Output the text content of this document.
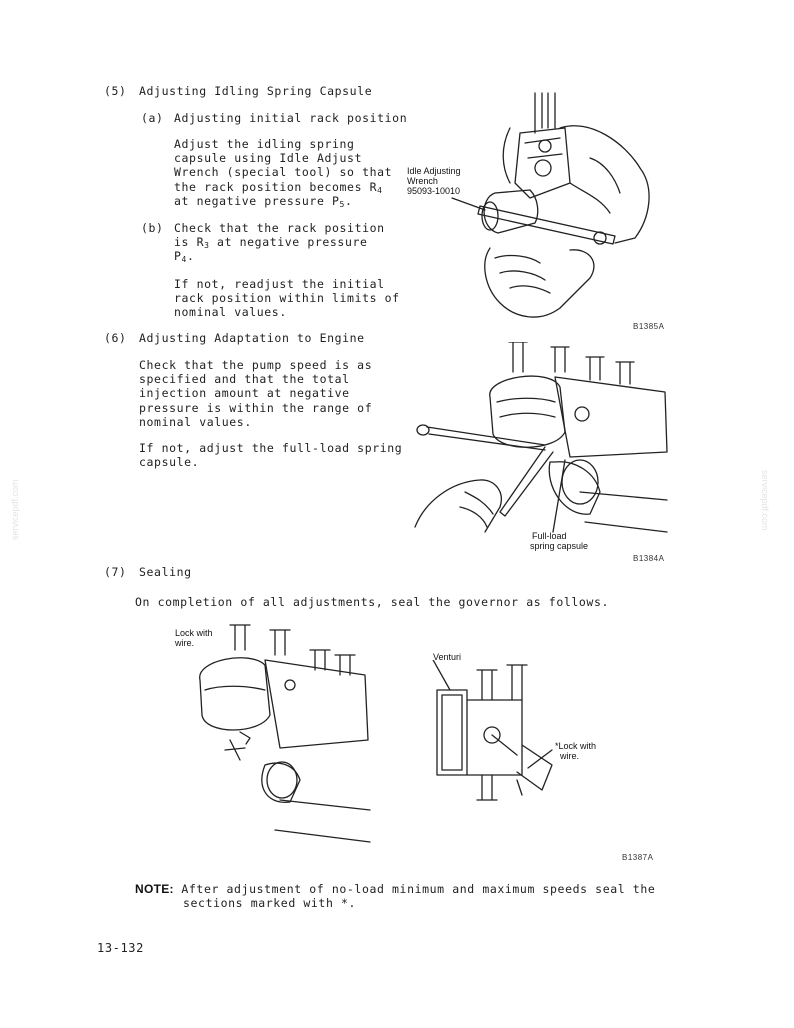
servicepdf.com	servicepdf.com
(5) Adjusting Idling Spring Capsule
(a) Adjusting initial rack position
Adjust the idling spring
capsule using Idle Adjust
Wrench (special tool) so that
the rack position becomes $R_4$
at negative pressure $P_5$.
(b) Check that the rack position
is $R_3$ at negative pressure
$P_4$.
If not, readjust the initial
rack position within limits of
nominal values.
(6) Adjusting Adaptation to Engine
Check that the pump speed is as
specified and that the total
injection amount at negative
pressure is within the range of
nominal values.
If not, adjust the full-load spring
capsule.
(7) Sealing
On completion of all adjustments, seal the governor as follows.
Idle Adjusting
Wrench
95093-10010
B1385A
Full-load
spring capsule
B1384A
Lock with
wire.
Venturi
*Lock with
wire.
B1387A
NOTE: After adjustment of no-load minimum and maximum speeds seal the
sections marked with *.
13-132
